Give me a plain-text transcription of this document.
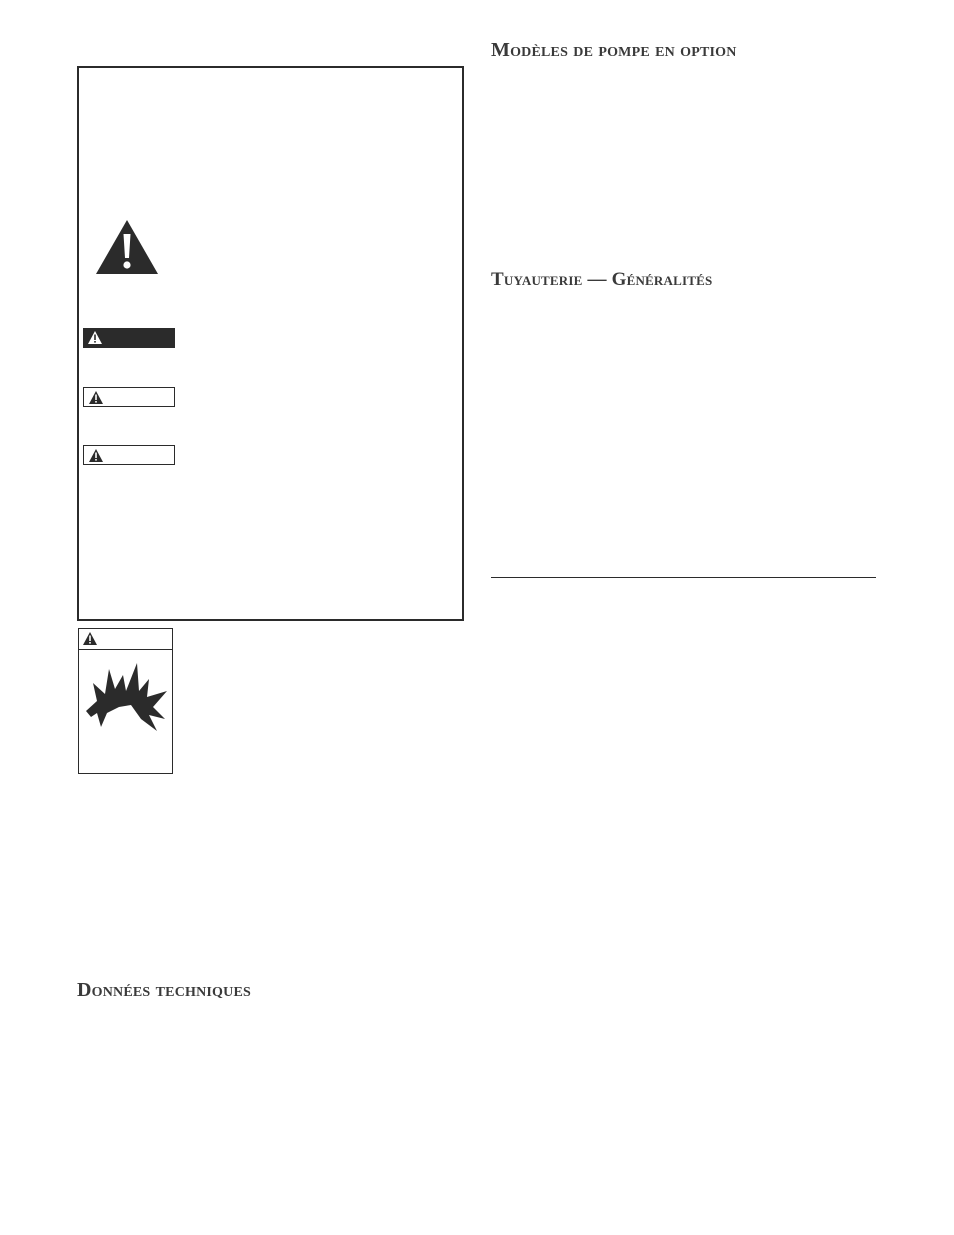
Modèles de pompe en option
Tuyauterie — Généralités
Données techniques
